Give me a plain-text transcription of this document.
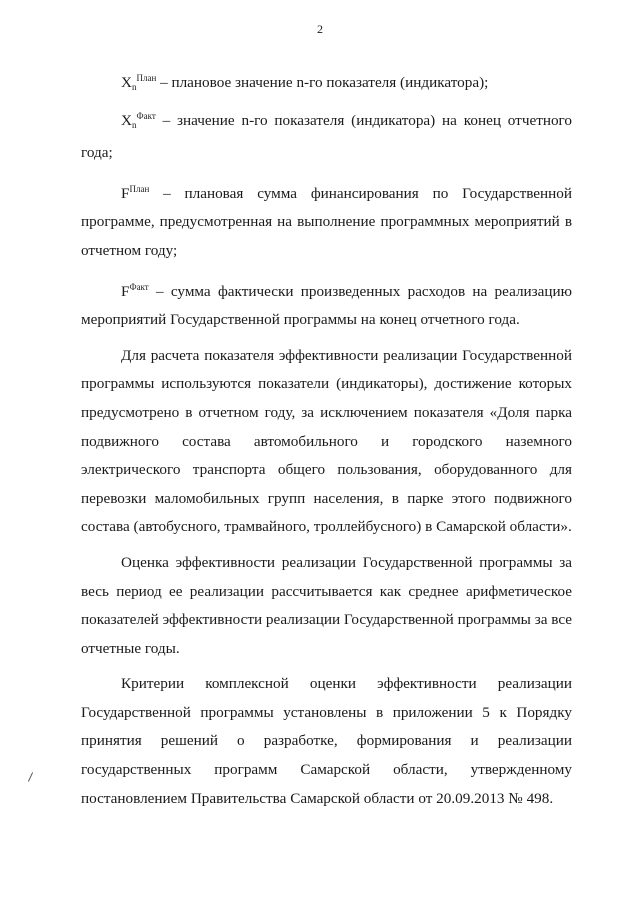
2

$X_n^{План}$ – плановое значение n-го показателя (индикатора);

$X_n^{Факт}$ – значение n-го показателя (индикатора) на конец отчетного года;

$F^{План}$ – плановая сумма финансирования по Государственной программе, предусмотренная на выполнение программных мероприятий в отчетном году;

$F^{Факт}$ – сумма фактически произведенных расходов на реализацию мероприятий Государственной программы на конец отчетного года.

Для расчета показателя эффективности реализации Государственной программы используются показатели (индикаторы), достижение которых предусмотрено в отчетном году, за исключением показателя «Доля парка подвижного состава автомобильного и городского наземного электрического транспорта общего пользования, оборудованного для перевозки маломобильных групп населения, в парке этого подвижного состава (автобусного, трамвайного, троллейбусного) в Самарской области».

Оценка эффективности реализации Государственной программы за весь период ее реализации рассчитывается как среднее арифметическое показателей эффективности реализации Государственной программы за все отчетные годы.

Критерии комплексной оценки эффективности реализации Государственной программы установлены в приложении 5 к Порядку принятия решений о разработке, формирования и реализации государственных программ Самарской области, утвержденному постановлением Правительства Самарской области от 20.09.2013 № 498.
